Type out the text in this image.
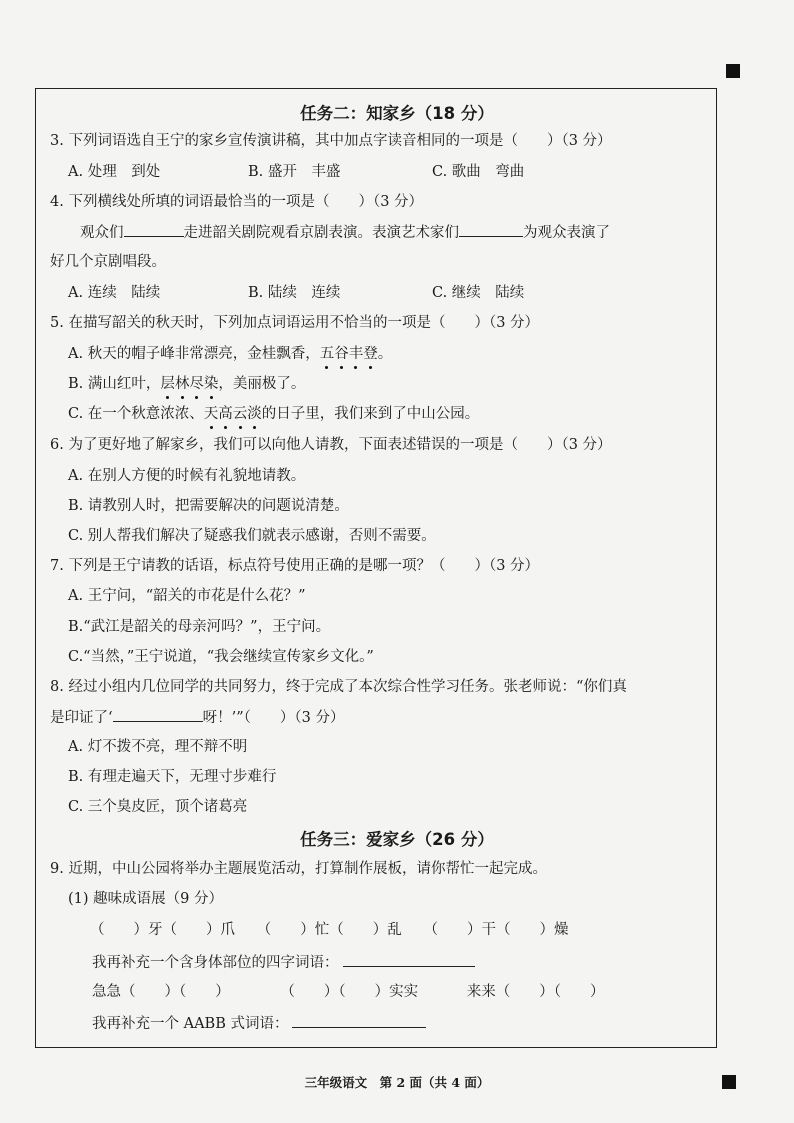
任务二：知家乡（18 分）
3. 下列词语选自王宁的家乡宣传演讲稿，其中加点字读音相同的一项是（　　）（3 分）
A. 处理　到处	B. 盛开　丰盛	C. 歌曲　弯曲
4. 下列横线处所填的词语最恰当的一项是（　　）（3 分）
观众们	走进韶关剧院观看京剧表演。表演艺术家们	为观众表演了
好几个京剧唱段。
A. 连续　陆续	B. 陆续　连续	C. 继续　陆续
5. 在描写韶关的秋天时，下列加点词语运用不恰当的一项是（　　）（3 分）
A. 秋天的帽子峰非常漂亮，金桂飘香，五谷丰登。
B. 满山红叶，层林尽染，美丽极了。
C. 在一个秋意浓浓、天高云淡的日子里，我们来到了中山公园。
6. 为了更好地了解家乡，我们可以向他人请教，下面表述错误的一项是（　　）（3 分）
A. 在别人方便的时候有礼貌地请教。
B. 请教别人时，把需要解决的问题说清楚。
C. 别人帮我们解决了疑惑我们就表示感谢，否则不需要。
7. 下列是王宁请教的话语，标点符号使用正确的是哪一项？（　　）（3 分）
A. 王宁问，“韶关的市花是什么花？”
B.“武江是韶关的母亲河吗？”，王宁问。
C.“当然，”王宁说道，“我会继续宣传家乡文化。”
8. 经过小组内几位同学的共同努力，终于完成了本次综合性学习任务。张老师说：“你们真
是印证了‘	呀！’”（　　）（3 分）
A. 灯不拨不亮，理不辩不明
B. 有理走遍天下，无理寸步难行
C. 三个臭皮匠，顶个诸葛亮
任务三：爱家乡（26 分）
9. 近期，中山公园将举办主题展览活动，打算制作展板，请你帮忙一起完成。
(1) 趣味成语展（9 分）
（　　）牙（　　）爪　　（　　）忙（　　）乱　　（　　）干（　　）燥
我再补充一个含身体部位的四字词语：
急急（　　）（　　）	（　　）（　　）实实	来来（　　）（　　）
我再补充一个 AABB 式词语：
三年级语文　第 2 面（共 4 面）
